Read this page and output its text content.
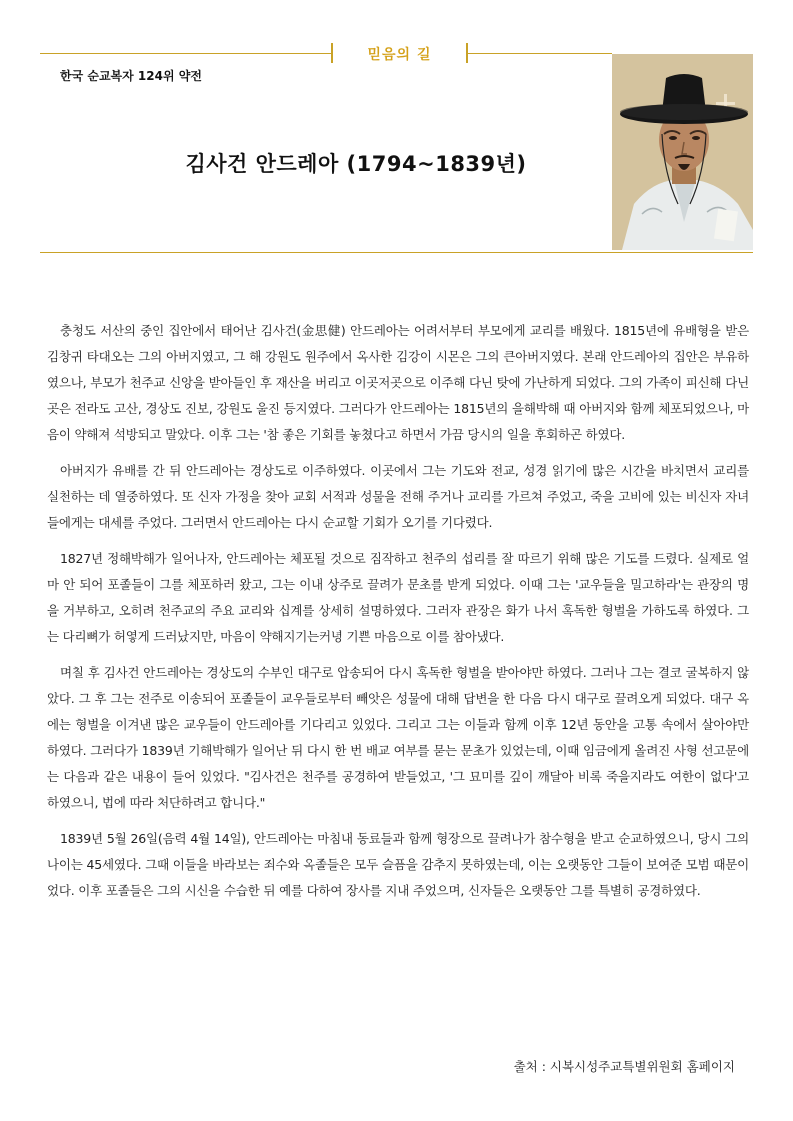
믿음의 길
한국 순교복자 124위 약전
김사건 안드레아 (1794~1839년)

충청도 서산의 중인 집안에서 태어난 김사건(金思健) 안드레아는 어려서부터 부모에게 교리를 배웠다. 1815년에 유배형을 받은 김창귀 타대오는 그의 아버지였고, 그 해 강원도 원주에서 옥사한 김강이 시몬은 그의 큰아버지였다. 본래 안드레아의 집안은 부유하였으나, 부모가 천주교 신앙을 받아들인 후 재산을 버리고 이곳저곳으로 이주해 다닌 탓에 가난하게 되었다. 그의 가족이 피신해 다닌 곳은 전라도 고산, 경상도 진보, 강원도 울진 등지였다. 그러다가 안드레아는 1815년의 을해박해 때 아버지와 함께 체포되었으나, 마음이 약해져 석방되고 말았다. 이후 그는 '참 좋은 기회를 놓쳤다고 하면서 가끔 당시의 일을 후회하곤 하였다.

아버지가 유배를 간 뒤 안드레아는 경상도로 이주하였다. 이곳에서 그는 기도와 전교, 성경 읽기에 많은 시간을 바치면서 교리를 실천하는 데 열중하였다. 또 신자 가정을 찾아 교회 서적과 성물을 전해 주거나 교리를 가르쳐 주었고, 죽을 고비에 있는 비신자 자녀들에게는 대세를 주었다. 그러면서 안드레아는 다시 순교할 기회가 오기를 기다렸다.

1827년 정해박해가 일어나자, 안드레아는 체포될 것으로 짐작하고 천주의 섭리를 잘 따르기 위해 많은 기도를 드렸다. 실제로 얼마 안 되어 포졸들이 그를 체포하러 왔고, 그는 이내 상주로 끌려가 문초를 받게 되었다. 이때 그는 '교우들을 밀고하라'는 관장의 명을 거부하고, 오히려 천주교의 주요 교리와 십계를 상세히 설명하였다. 그러자 관장은 화가 나서 혹독한 형벌을 가하도록 하였다. 그는 다리뼈가 허옇게 드러났지만, 마음이 약해지기는커녕 기쁜 마음으로 이를 참아냈다.

며칠 후 김사건 안드레아는 경상도의 수부인 대구로 압송되어 다시 혹독한 형벌을 받아야만 하였다. 그러나 그는 결코 굴복하지 않았다. 그 후 그는 전주로 이송되어 포졸들이 교우들로부터 빼앗은 성물에 대해 답변을 한 다음 다시 대구로 끌려오게 되었다. 대구 옥에는 형벌을 이겨낸 많은 교우들이 안드레아를 기다리고 있었다. 그리고 그는 이들과 함께 이후 12년 동안을 고통 속에서 살아야만 하였다. 그러다가 1839년 기해박해가 일어난 뒤 다시 한 번 배교 여부를 묻는 문초가 있었는데, 이때 임금에게 올려진 사형 선고문에는 다음과 같은 내용이 들어 있었다. "김사건은 천주를 공경하여 받들었고, '그 묘미를 깊이 깨달아 비록 죽을지라도 여한이 없다'고 하였으니, 법에 따라 처단하려고 합니다."

1839년 5월 26일(음력 4월 14일), 안드레아는 마침내 동료들과 함께 형장으로 끌려나가 참수형을 받고 순교하였으니, 당시 그의 나이는 45세였다. 그때 이들을 바라보는 죄수와 옥졸들은 모두 슬픔을 감추지 못하였는데, 이는 오랫동안 그들이 보여준 모범 때문이었다. 이후 포졸들은 그의 시신을 수습한 뒤 예를 다하여 장사를 지내 주었으며, 신자들은 오랫동안 그를 특별히 공경하였다.

출처 : 시복시성주교특별위원회 홈페이지
